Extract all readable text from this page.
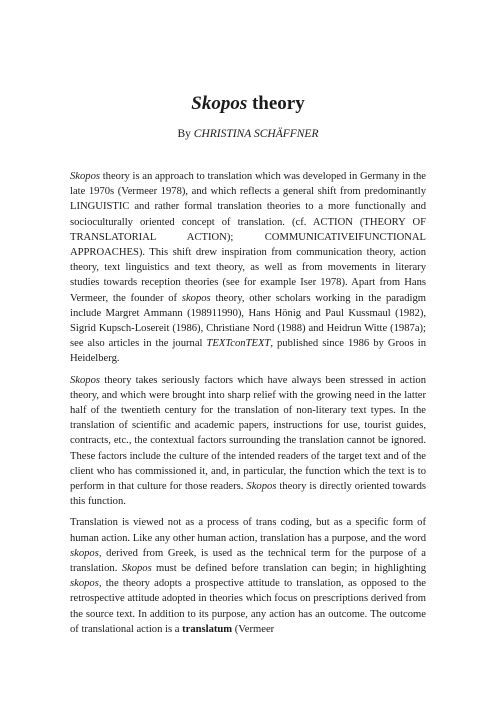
Skopos theory
By CHRISTINA SCHÄFFNER

Skopos theory is an approach to translation which was developed in Germany in the late 1970s (Vermeer 1978), and which reflects a general shift from predominantly LINGUISTIC and rather formal translation theories to a more functionally and socioculturally oriented concept of translation. (cf. ACTION (THEORY OF TRANSLATORIAL ACTION); COMMUNICATIVEIFUNCTIONAL APPROACHES). This shift drew inspiration from communication theory, action theory, text linguistics and text theory, as well as from movements in literary studies towards reception theories (see for example Iser 1978). Apart from Hans Vermeer, the founder of skopos theory, other scholars working in the paradigm include Margret Ammann (198911990), Hans Hönig and Paul Kussmaul (1982), Sigrid Kupsch-Losereit (1986), Christiane Nord (1988) and Heidrun Witte (1987a); see also articles in the journal TEXTconTEXT, published since 1986 by Groos in Heidelberg.

Skopos theory takes seriously factors which have always been stressed in action theory, and which were brought into sharp relief with the growing need in the latter half of the twentieth century for the translation of non-literary text types. In the translation of scientific and academic papers, instructions for use, tourist guides, contracts, etc., the contextual factors surrounding the translation cannot be ignored. These factors include the culture of the intended readers of the target text and of the client who has commissioned it, and, in particular, the function which the text is to perform in that culture for those readers. Skopos theory is directly oriented towards this function.

Translation is viewed not as a process of trans coding, but as a specific form of human action. Like any other human action, translation has a purpose, and the word skopos, derived from Greek, is used as the technical term for the purpose of a translation. Skopos must be defined before translation can begin; in highlighting skopos, the theory adopts a prospective attitude to translation, as opposed to the retrospective attitude adopted in theories which focus on prescriptions derived from the source text. In addition to its purpose, any action has an outcome. The outcome of translational action is a translatum (Vermeer
